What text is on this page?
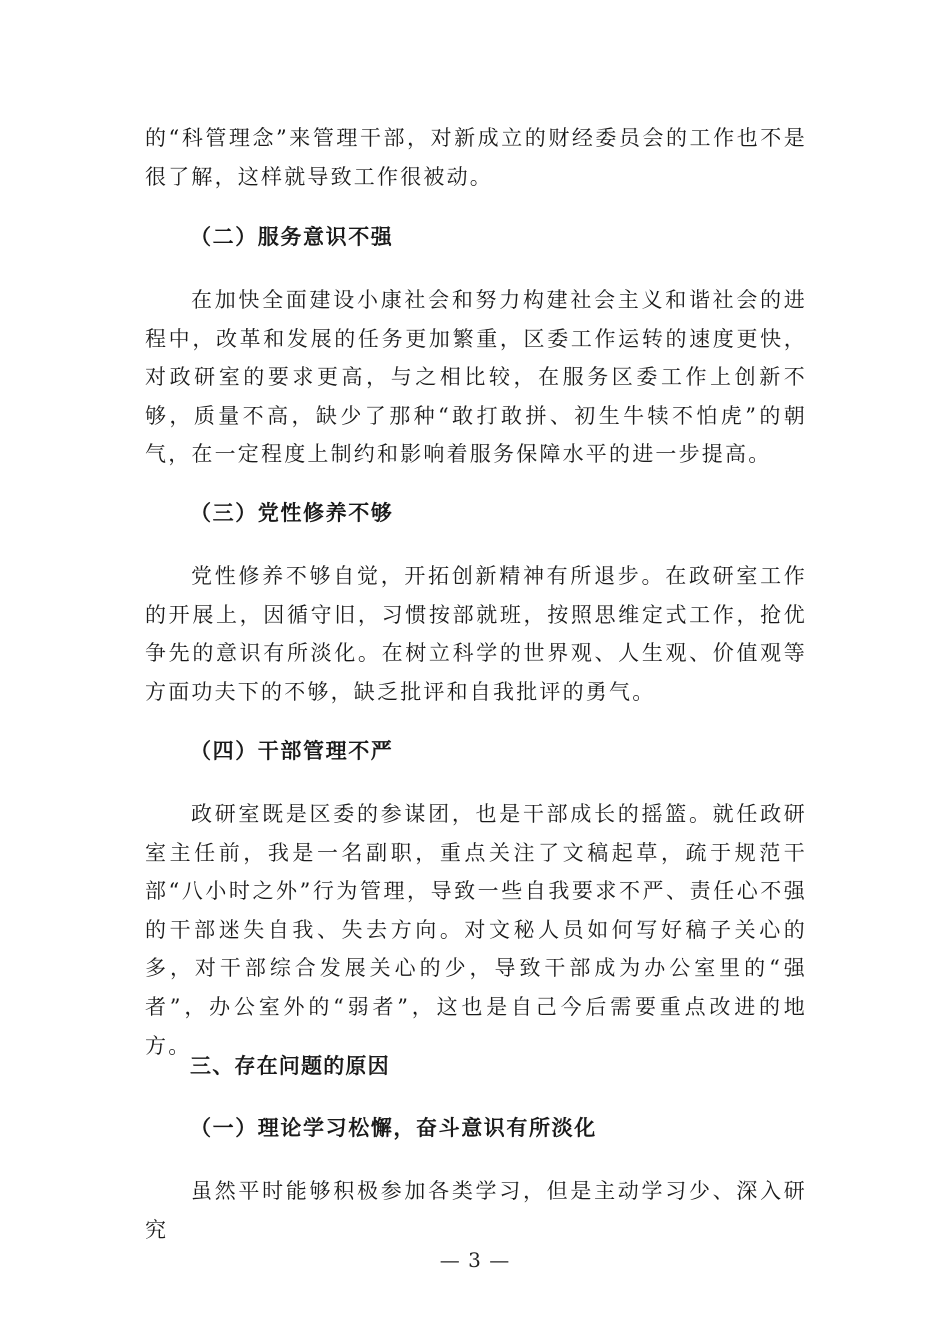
的“科管理念”来管理干部，对新成立的财经委员会的工作也不是很了解，这样就导致工作很被动。

（二）服务意识不强

在加快全面建设小康社会和努力构建社会主义和谐社会的进程中，改革和发展的任务更加繁重，区委工作运转的速度更快，对政研室的要求更高，与之相比较，在服务区委工作上创新不够，质量不高，缺少了那种“敢打敢拼、初生牛犊不怕虎”的朝气，在一定程度上制约和影响着服务保障水平的进一步提高。

（三）党性修养不够

党性修养不够自觉，开拓创新精神有所退步。在政研室工作的开展上，因循守旧，习惯按部就班，按照思维定式工作，抢优争先的意识有所淡化。在树立科学的世界观、人生观、价值观等方面功夫下的不够，缺乏批评和自我批评的勇气。

（四）干部管理不严

政研室既是区委的参谋团，也是干部成长的摇篮。就任政研室主任前，我是一名副职，重点关注了文稿起草，疏于规范干部“八小时之外”行为管理，导致一些自我要求不严、责任心不强的干部迷失自我、失去方向。对文秘人员如何写好稿子关心的多，对干部综合发展关心的少，导致干部成为办公室里的“强者”，办公室外的“弱者”，这也是自己今后需要重点改进的地方。

三、存在问题的原因
（一）理论学习松懈，奋斗意识有所淡化

虽然平时能够积极参加各类学习，但是主动学习少、深入研究

— 3 —
